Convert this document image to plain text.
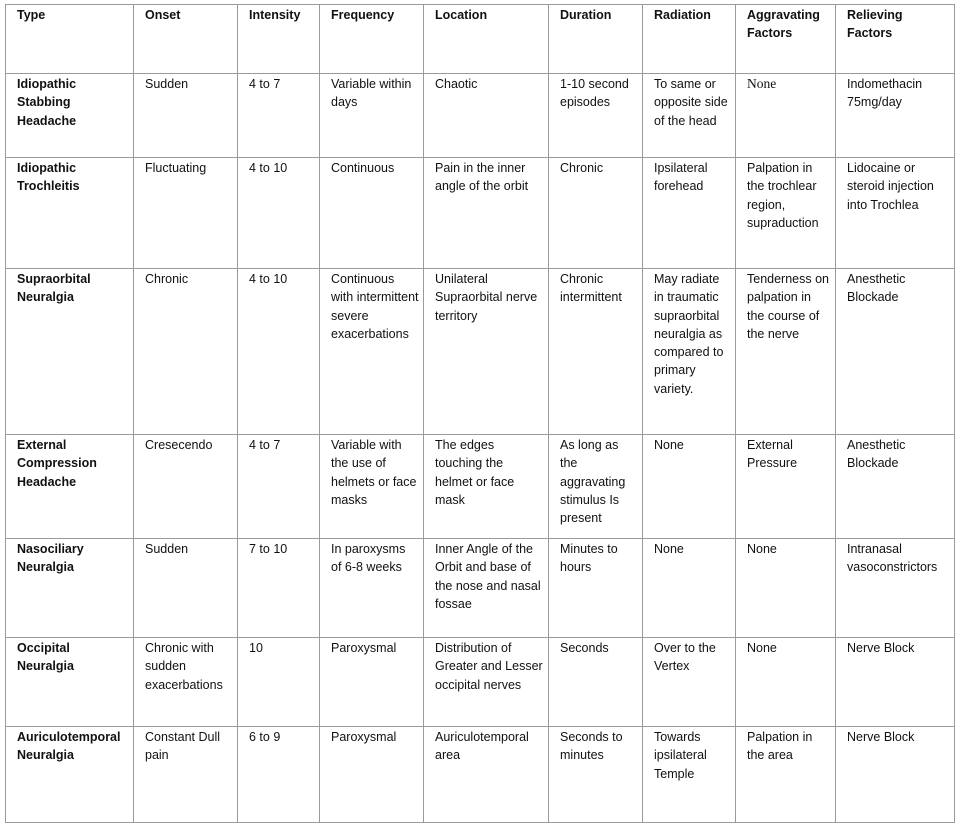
Type	Onset	Intensity	Frequency	Location	Duration	Radiation	Aggravating Factors	Relieving Factors
Idiopathic Stabbing Headache	Sudden	4 to 7	Variable within days	Chaotic	1-10 second episodes	To same or opposite side of the head	None	Indomethacin 75mg/day
Idiopathic Trochleitis	Fluctuating	4 to 10	Continuous	Pain in the inner angle of the orbit	Chronic	Ipsilateral forehead	Palpation in the trochlear region, supraduction	Lidocaine or steroid injection into Trochlea
Supraorbital Neuralgia	Chronic	4 to 10	Continuous with intermittent severe exacerbations	Unilateral Supraorbital nerve territory	Chronic intermittent	May radiate in traumatic supraorbital neuralgia as compared to primary variety.	Tenderness on palpation in the course of the nerve	Anesthetic Blockade
External Compression Headache	Cresecendo	4 to 7	Variable with the use of helmets or face masks	The edges touching the helmet or face mask	As long as the aggravating stimulus Is present	None	External Pressure	Anesthetic Blockade
Nasociliary Neuralgia	Sudden	7 to 10	In paroxysms of 6-8 weeks	Inner Angle of the Orbit and base of the nose and nasal fossae	Minutes to hours	None	None	Intranasal vasoconstrictors
Occipital Neuralgia	Chronic with sudden exacerbations	10	Paroxysmal	Distribution of Greater and Lesser occipital nerves	Seconds	Over to the Vertex	None	Nerve Block
Auriculotemporal Neuralgia	Constant Dull pain	6 to 9	Paroxysmal	Auriculotemporal area	Seconds to minutes	Towards ipsilateral Temple	Palpation in the area	Nerve Block
